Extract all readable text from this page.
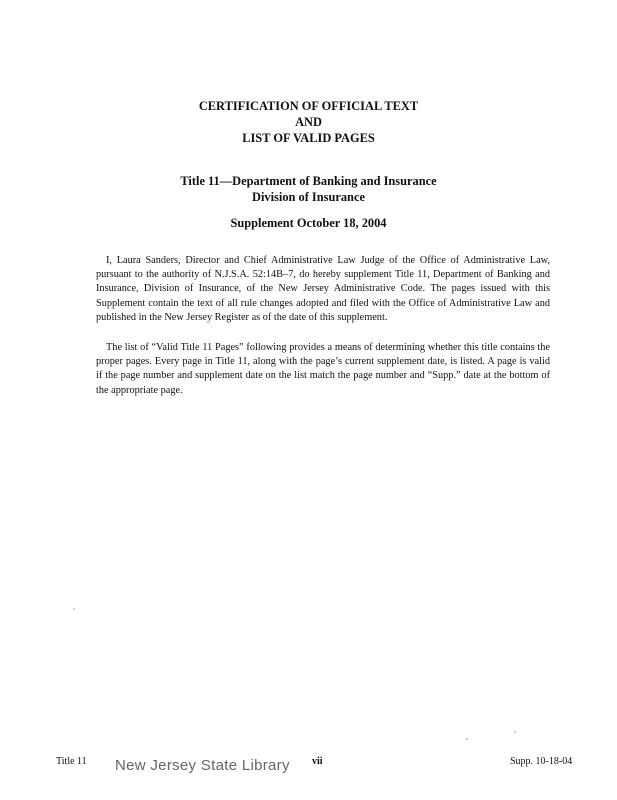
CERTIFICATION OF OFFICIAL TEXT
AND
LIST OF VALID PAGES
Title 11—Department of Banking and Insurance
Division of Insurance
Supplement October 18, 2004

I, Laura Sanders, Director and Chief Administrative Law Judge of the Office of Administrative Law, pursuant to the authority of N.J.S.A. 52:14B–7, do hereby supplement Title 11, Department of Banking and Insurance, Division of Insurance, of the New Jersey Administrative Code. The pages issued with this Supplement contain the text of all rule changes adopted and filed with the Office of Administrative Law and published in the New Jersey Register as of the date of this supplement.

The list of “Valid Title 11 Pages” following provides a means of determining whether this title contains the proper pages. Every page in Title 11, along with the page’s current supplement date, is listed. A page is valid if the page number and supplement date on the list match the page number and “Supp.” date at the bottom of the appropriate page.

Title 11 New Jersey State Library vii	Supp. 10-18-04
